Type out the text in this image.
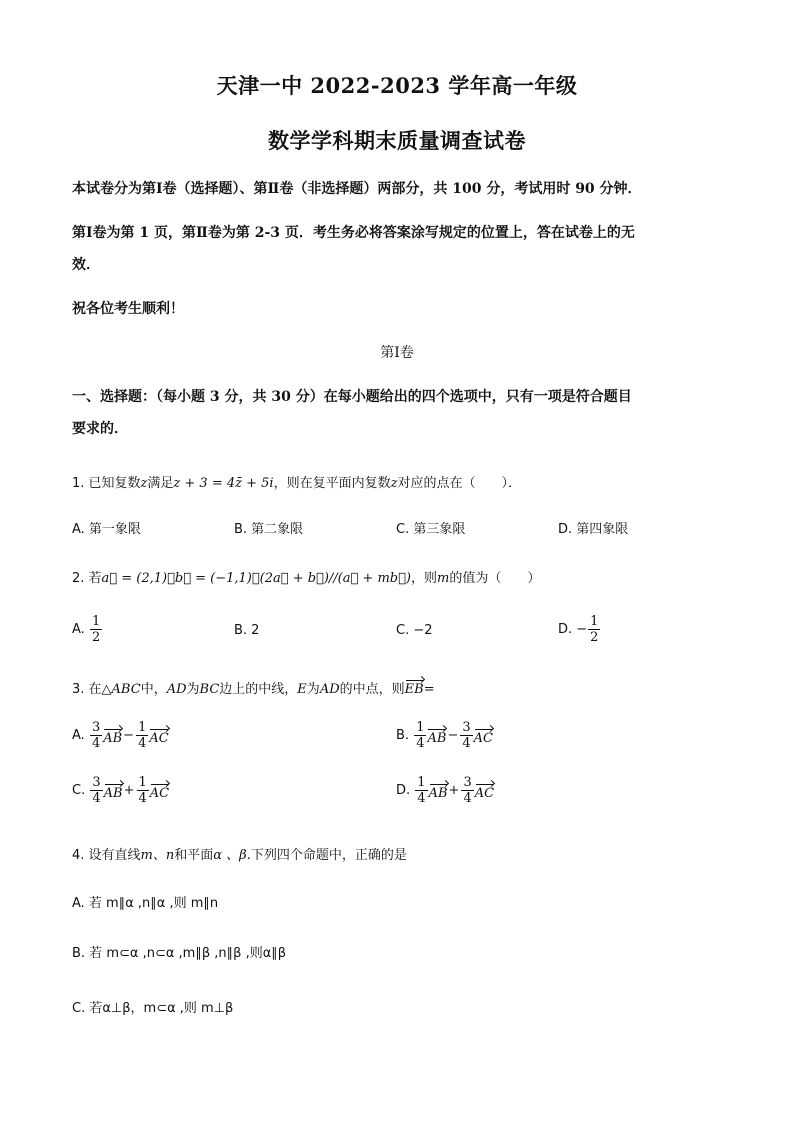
天津一中 2022-2023 学年高一年级
数学学科期末质量调查试卷
本试卷分为第Ⅰ卷（选择题）、第Ⅱ卷（非选择题）两部分，共 100 分，考试用时 90 分钟．
第Ⅰ卷为第 1 页，第Ⅱ卷为第 2-3 页．考生务必将答案涂写规定的位置上，答在试卷上的无
效．
祝各位考生顺利！
第Ⅰ卷
一、选择题：（每小题 3 分，共 30 分）在每小题给出的四个选项中，只有一项是符合题目
要求的．
1. 已知复数z满足z + 3 = 4z̄ + 5i，则在复平面内复数z对应的点在（　　）．
A. 第一象限	B. 第二象限	C. 第三象限	D. 第四象限
2. 若a⃗ = (2,1)，b⃗ = (−1,1)，(2a⃗ + b⃗)//(a⃗ + mb⃗)，则m的值为（　　）
A.
$\frac{1}{2}$	B. 2	C. −2	D. − $\frac{1}{2}$
3. 在△ABC中，AD为BC边上的中线，E为AD的中点，则EB=
A.
$\frac{3}{4}$ AB − $\frac{1}{4}$ AC	B.
$\frac{1}{4}$ AB − $\frac{3}{4}$ AC
C.
$\frac{3}{4}$ AB + $\frac{1}{4}$ AC	D.
$\frac{1}{4}$ AB + $\frac{3}{4}$ AC
4. 设有直线m、n和平面α 、β.下列四个命题中，正确的是
A. 若 m∥α ,n∥α ,则 m∥n
B. 若 m⊂α ,n⊂α ,m∥β ,n∥β ,则α∥β
C. 若α⊥β，m⊂α ,则 m⊥β
